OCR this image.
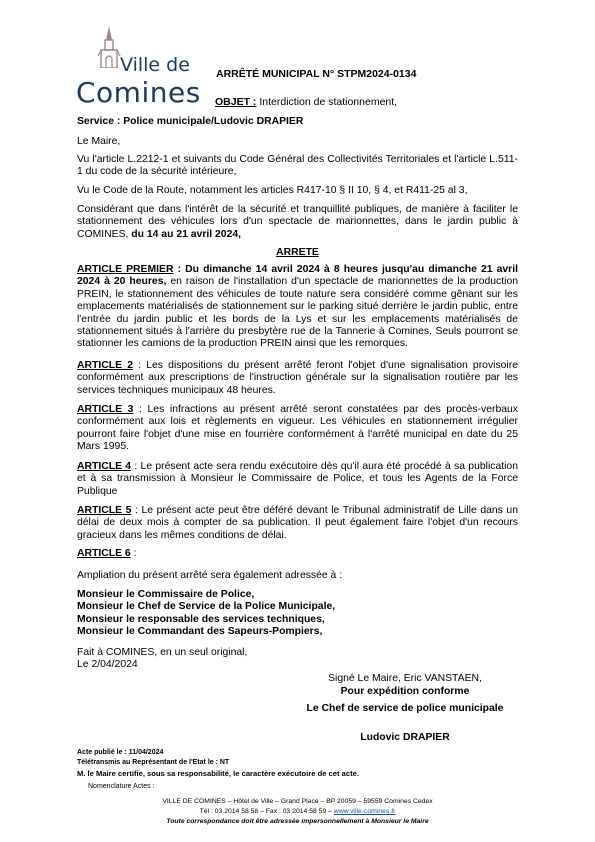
Ville de
Comines
ARRÊTÉ MUNICIPAL N° STPM2024-0134
OBJET : Interdiction de stationnement,
Service : Police municipale/Ludovic DRAPIER
Le Maire,
Vu l'article L.2212-1 et suivants du Code Général des Collectivités Territoriales et l'article L.511-1 du code de la sécurité intérieure,
Vu le Code de la Route, notamment les articles R417-10 § II 10, § 4, et R411-25 al 3,
Considérant que dans l'intérêt de la sécurité et tranquillité publiques, de manière à faciliter le stationnement des véhicules lors d'un spectacle de marionnettes, dans le jardin public à COMINES, du 14 au 21 avril 2024,
ARRETE
ARTICLE PREMIER : Du dimanche 14 avril 2024 à 8 heures jusqu'au dimanche 21 avril 2024 à 20 heures, en raison de l'installation d'un spectacle de marionnettes de la production PREIN, le stationnement des véhicules de toute nature sera considéré comme gênant sur les emplacements matérialisés de stationnement sur le parking situé derrière le jardin public, entre l'entrée du jardin public et les bords de la Lys et sur les emplacements matérialisés de stationnement situés à l'arrière du presbytère rue de la Tannerie à Comines. Seuls pourront se stationner les camions de la production PREIN ainsi que les remorques.
ARTICLE 2 : Les dispositions du présent arrêté feront l'objet d'une signalisation provisoire conformément aux prescriptions de l'instruction générale sur la signalisation routière par les services techniques municipaux 48 heures.
ARTICLE 3 : Les infractions au présent arrêté seront constatées par des procès-verbaux conformément aux lois et règlements en vigueur. Les véhicules en stationnement irrégulier pourront faire l'objet d'une mise en fourrière conformément à l'arrêté municipal en date du 25 Mars 1995.
ARTICLE 4 : Le présent acte sera rendu exécutoire dès qu'il aura été procédé à sa publication et à sa transmission à Monsieur le Commissaire de Police, et tous les Agents de la Force Publique
ARTICLE 5 : Le présent acte peut être déféré devant le Tribunal administratif de Lille dans un délai de deux mois à compter de sa publication. Il peut également faire l'objet d'un recours gracieux dans les mêmes conditions de délai.
ARTICLE 6 :
Ampliation du présent arrêté sera également adressée à :
Monsieur le Commissaire de Police,
Monsieur le Chef de Service de la Police Municipale,
Monsieur le responsable des services techniques,
Monsieur le Commandant des Sapeurs-Pompiers,
Fait à COMINES, en un seul original,
Le 2/04/2024
Signé Le Maire, Eric VANSTAEN,
Pour expédition conforme
Le Chef de service de police municipale
Ludovic DRAPIER
Acte publié le : 11/04/2024
Télétransmis au Représentant de l'Etat le : NT
M. le Maire certifie, sous sa responsabilité, le caractère exécutoire de cet acte.
Nomenclature Actes :
VILLE DE COMINES – Hôtel de Ville – Grand Place – BP 20059 – 59559 Comines Cedex
Tél : 03 2014 58 58 – Fax : 03 2014 58 59 – www.ville-comines.fr
Toute correspondance doit être adressée impersonnellement à Monsieur le Maire
